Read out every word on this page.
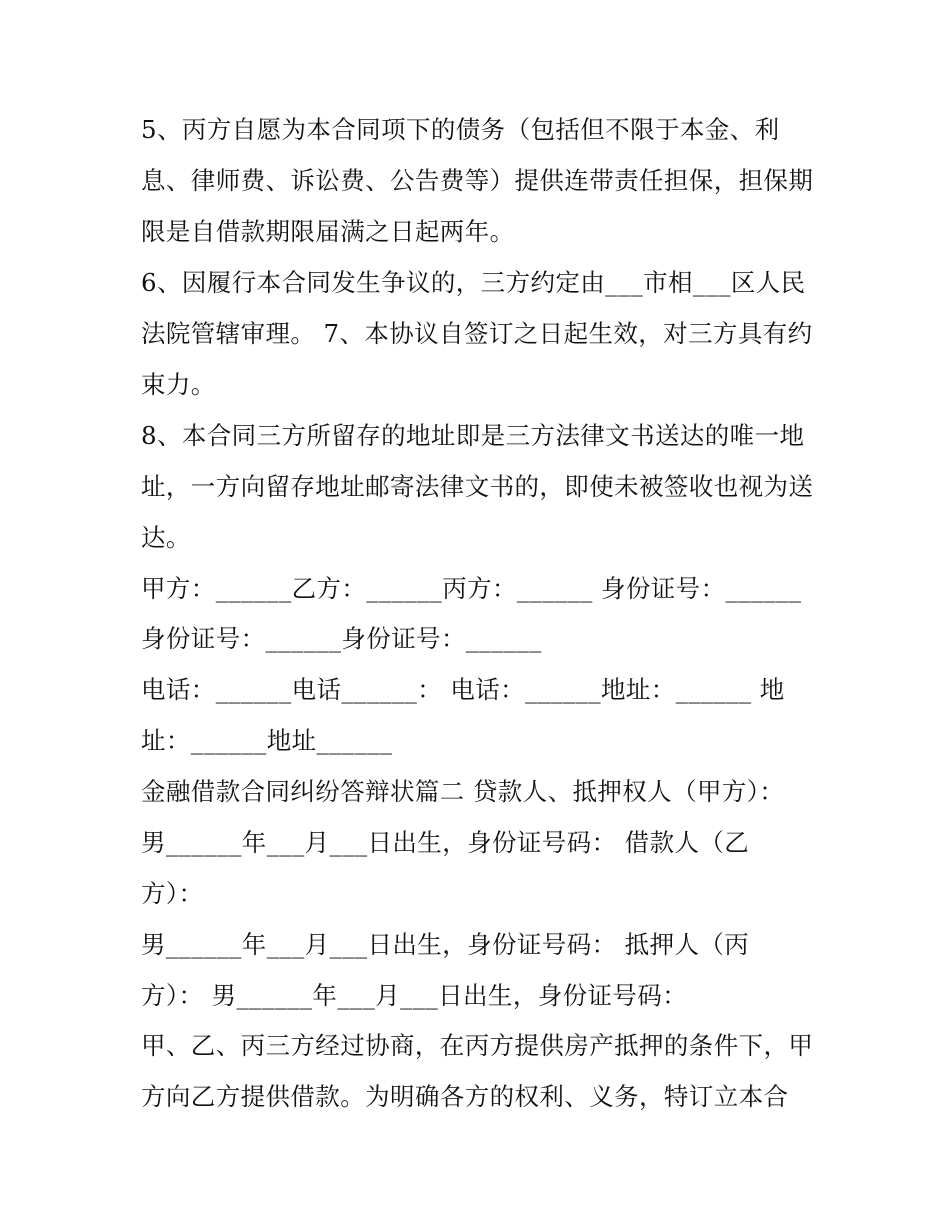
5、丙方自愿为本合同项下的债务（包括但不限于本金、利
息、律师费、诉讼费、公告费等）提供连带责任担保，担保期
限是自借款期限届满之日起两年。
6、因履行本合同发生争议的，三方约定由___市相___区人民
法院管辖审理。 7、本协议自签订之日起生效，对三方具有约
束力。
8、本合同三方所留存的地址即是三方法律文书送达的唯一地
址，一方向留存地址邮寄法律文书的，即使未被签收也视为送
达。
甲方：______乙方：______丙方：______ 身份证号：______
身份证号：______身份证号：______
电话：______电话______： 电话：______地址：______ 地
址：______地址______
金融借款合同纠纷答辩状篇二 贷款人、抵押权人（甲方）：
男______年___月___日出生，身份证号码： 借款人（乙
方）：
男______年___月___日出生，身份证号码： 抵押人（丙
方）： 男______年___月___日出生，身份证号码：
甲、乙、丙三方经过协商，在丙方提供房产抵押的条件下，甲
方向乙方提供借款。为明确各方的权利、义务，特订立本合
